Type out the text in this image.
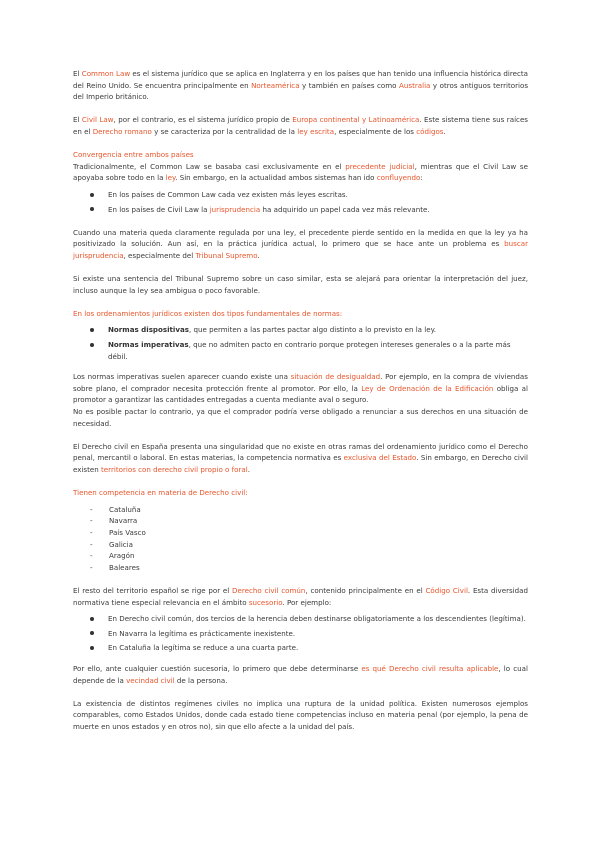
El Common Law es el sistema jurídico que se aplica en Inglaterra y en los países que han tenido una influencia histórica directa del Reino Unido. Se encuentra principalmente en Norteamérica y también en países como Australia y otros antiguos territorios del Imperio británico.

El Civil Law, por el contrario, es el sistema jurídico propio de Europa continental y Latinoamérica. Este sistema tiene sus raíces en el Derecho romano y se caracteriza por la centralidad de la ley escrita, especialmente de los códigos.

Convergencia entre ambos países

Tradicionalmente, el Common Law se basaba casi exclusivamente en el precedente judicial, mientras que el Civil Law se apoyaba sobre todo en la ley. Sin embargo, en la actualidad ambos sistemas han ido confluyendo:

En los países de Common Law cada vez existen más leyes escritas.
En los países de Civil Law la jurisprudencia ha adquirido un papel cada vez más relevante.

Cuando una materia queda claramente regulada por una ley, el precedente pierde sentido en la medida en que la ley ya ha positivizado la solución. Aun así, en la práctica jurídica actual, lo primero que se hace ante un problema es buscar jurisprudencia, especialmente del Tribunal Supremo.

Si existe una sentencia del Tribunal Supremo sobre un caso similar, esta se alejará para orientar la interpretación del juez, incluso aunque la ley sea ambigua o poco favorable.

En los ordenamientos jurídicos existen dos tipos fundamentales de normas:

Normas dispositivas, que permiten a las partes pactar algo distinto a lo previsto en la ley.
Normas imperativas, que no admiten pacto en contrario porque protegen intereses generales o a la parte más débil.

Los normas imperativas suelen aparecer cuando existe una situación de desigualdad. Por ejemplo, en la compra de viviendas sobre plano, el comprador necesita protección frente al promotor. Por ello, la Ley de Ordenación de la Edificación obliga al promotor a garantizar las cantidades entregadas a cuenta mediante aval o seguro.

No es posible pactar lo contrario, ya que el comprador podría verse obligado a renunciar a sus derechos en una situación de necesidad.

El Derecho civil en España presenta una singularidad que no existe en otras ramas del ordenamiento jurídico como el Derecho penal, mercantil o laboral. En estas materias, la competencia normativa es exclusiva del Estado. Sin embargo, en Derecho civil existen territorios con derecho civil propio o foral.

Tienen competencia en materia de Derecho civil:

- Cataluña
- Navarra
- País Vasco
- Galicia
- Aragón
- Baleares

El resto del territorio español se rige por el Derecho civil común, contenido principalmente en el Código Civil. Esta diversidad normativa tiene especial relevancia en el ámbito sucesorio. Por ejemplo:

En Derecho civil común, dos tercios de la herencia deben destinarse obligatoriamente a los descendientes (legítima).
En Navarra la legítima es prácticamente inexistente.
En Cataluña la legítima se reduce a una cuarta parte.

Por ello, ante cualquier cuestión sucesoria, lo primero que debe determinarse es qué Derecho civil resulta aplicable, lo cual depende de la vecindad civil de la persona.

La existencia de distintos regímenes civiles no implica una ruptura de la unidad política. Existen numerosos ejemplos comparables, como Estados Unidos, donde cada estado tiene competencias incluso en materia penal (por ejemplo, la pena de muerte en unos estados y en otros no), sin que ello afecte a la unidad del país.
